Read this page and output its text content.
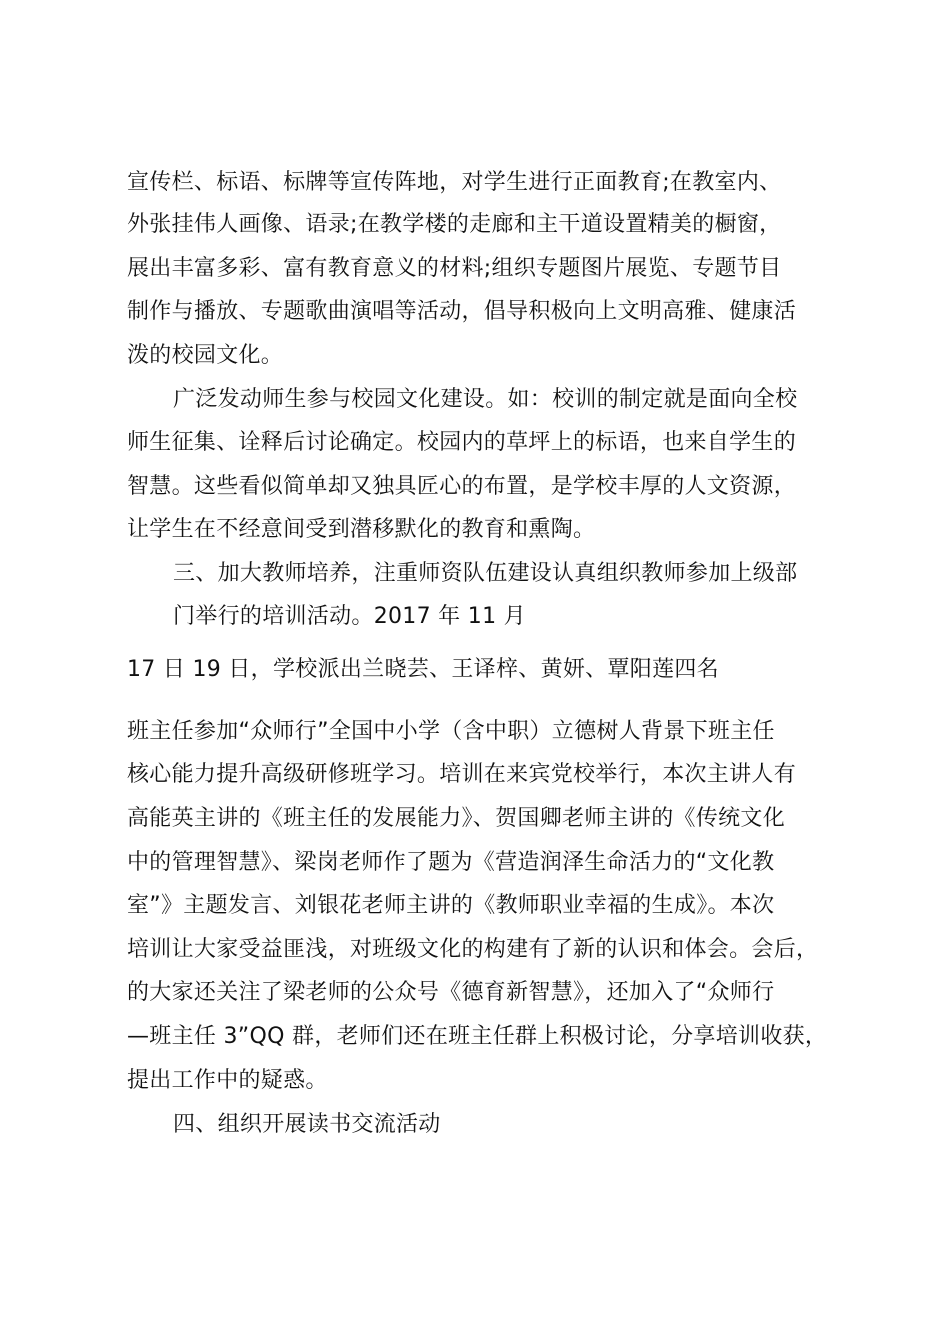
宣传栏、标语、标牌等宣传阵地，对学生进行正面教育;在教室内、
外张挂伟人画像、语录;在教学楼的走廊和主干道设置精美的橱窗，
展出丰富多彩、富有教育意义的材料;组织专题图片展览、专题节目
制作与播放、专题歌曲演唱等活动，倡导积极向上文明高雅、健康活
泼的校园文化。
广泛发动师生参与校园文化建设。如：校训的制定就是面向全校
师生征集、诠释后讨论确定。校园内的草坪上的标语，也来自学生的
智慧。这些看似简单却又独具匠心的布置，是学校丰厚的人文资源，
让学生在不经意间受到潜移默化的教育和熏陶。
三、加大教师培养，注重师资队伍建设认真组织教师参加上级部
门举行的培训活动。2017 年 11 月
17 日 19 日，学校派出兰晓芸、王译梓、黄妍、覃阳莲四名
班主任参加“众师行”全国中小学（含中职）立德树人背景下班主任
核心能力提升高级研修班学习。培训在来宾党校举行，本次主讲人有
高能英主讲的《班主任的发展能力》、贺国卿老师主讲的《传统文化
中的管理智慧》、梁岗老师作了题为《营造润泽生命活力的“文化教
室”》主题发言、刘银花老师主讲的《教师职业幸福的生成》。本次
培训让大家受益匪浅，对班级文化的构建有了新的认识和体会。会后，
的大家还关注了梁老师的公众号《德育新智慧》，还加入了“众师行
—班主任 3”QQ 群，老师们还在班主任群上积极讨论，分享培训收获，
提出工作中的疑惑。
四、组织开展读书交流活动
